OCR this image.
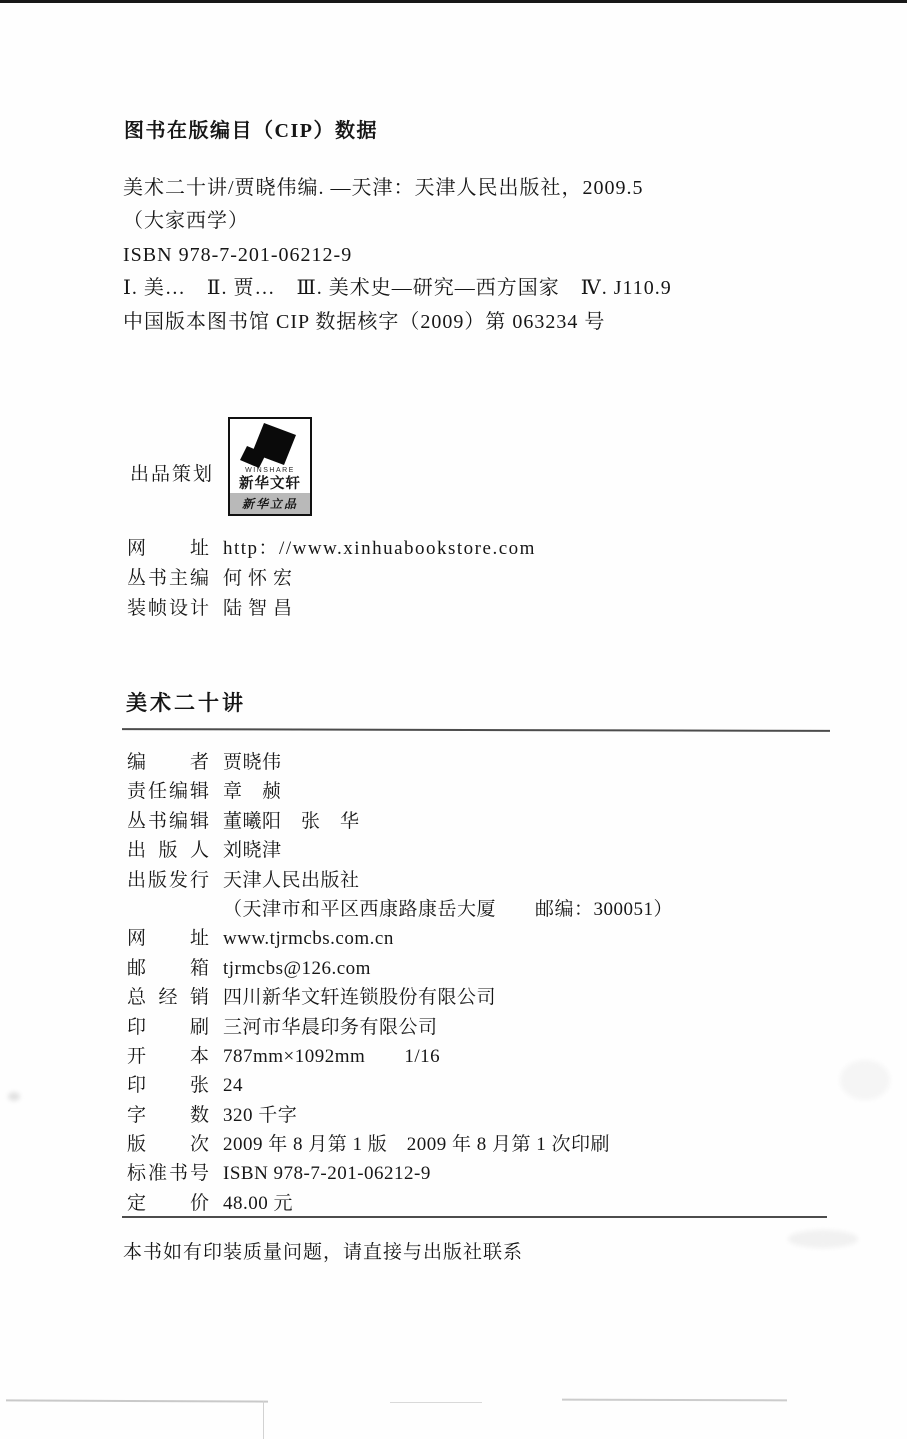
图书在版编目（CIP）数据
美术二十讲/贾晓伟编. —天津：天津人民出版社，2009.5
（大家西学）
ISBN 978-7-201-06212-9
Ⅰ. 美…　Ⅱ. 贾…　Ⅲ. 美术史—研究—西方国家　Ⅳ. J110.9
中国版本图书馆 CIP 数据核字（2009）第 063234 号
出品策划	WINSHARE
新华文轩
新华立品
网址 http：//www.xinhuabookstore.com
丛书主编 何怀宏
装帧设计 陆智昌
美术二十讲
编者 贾晓伟
责任编辑 章　赪
丛书编辑 董曦阳　张　华
出版人 刘晓津
出版发行 天津人民出版社
（天津市和平区西康路康岳大厦　　邮编：300051）
网址 www.tjrmcbs.com.cn
邮箱 tjrmcbs@126.com
总经销 四川新华文轩连锁股份有限公司
印刷 三河市华晨印务有限公司
开本 787mm×1092mm　　1/16
印张 24
字数 320 千字
版次 2009 年 8 月第 1 版　2009 年 8 月第 1 次印刷
标准书号 ISBN 978-7-201-06212-9
定价 48.00 元
本书如有印装质量问题，请直接与出版社联系
